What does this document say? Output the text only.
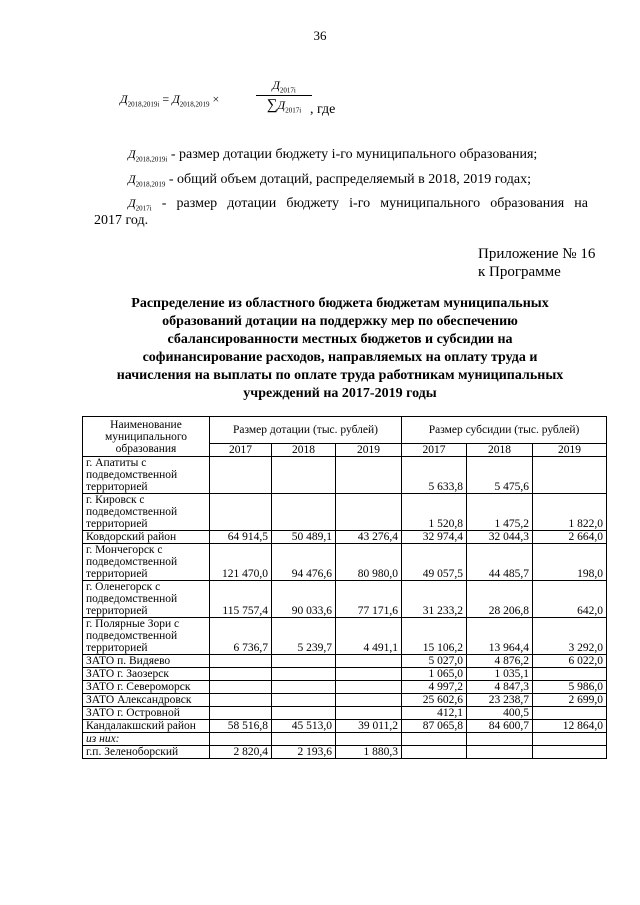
36
$Д_{2018,2019i} = Д_{2018,2019}$ ×
$Д_{2017i}$
$\sum Д_{2017i}$ , где
$Д_{2018,2019i}$ - размер дотации бюджету i-го муниципального образования;
$Д_{2018,2019}$ - общий объем дотаций, распределяемый в 2018, 2019 годах;
$Д_{2017i}$ - размер дотации бюджету i-го муниципального образования на
2017 год.
Приложение № 16
к Программе
Распределение из областного бюджета бюджетам муниципальных
образований дотации на поддержку мер по обеспечению
сбалансированности местных бюджетов и субсидии на
софинансирование расходов, направляемых на оплату труда и
начисления на выплаты по оплате труда работникам муниципальных
учреждений на 2017-2019 годы
Наименование муниципального образования	Размер дотации (тыс. рублей)			Размер субсидии (тыс. рублей)		
	2017	2018	2019	2017	2018	2019
г. Апатиты с подведомственной территорией				5 633,8	5 475,6	
г. Кировск с подведомственной территорией				1 520,8	1 475,2	1 822,0
Ковдорский район	64 914,5	50 489,1	43 276,4	32 974,4	32 044,3	2 664,0
г. Мончегорск с подведомственной территорией	121 470,0	94 476,6	80 980,0	49 057,5	44 485,7	198,0
г. Оленегорск с подведомственной территорией	115 757,4	90 033,6	77 171,6	31 233,2	28 206,8	642,0
г. Полярные Зори с подведомственной территорией	6 736,7	5 239,7	4 491,1	15 106,2	13 964,4	3 292,0
ЗАТО п. Видяево				5 027,0	4 876,2	6 022,0
ЗАТО г. Заозерск				1 065,0	1 035,1	
ЗАТО г. Североморск				4 997,2	4 847,3	5 986,0
ЗАТО Александровск				25 602,6	23 238,7	2 699,0
ЗАТО г. Островной				412,1	400,5	
Кандалакшский район	58 516,8	45 513,0	39 011,2	87 065,8	84 600,7	12 864,0
из них:						
г.п. Зеленоборский	2 820,4	2 193,6	1 880,3			
